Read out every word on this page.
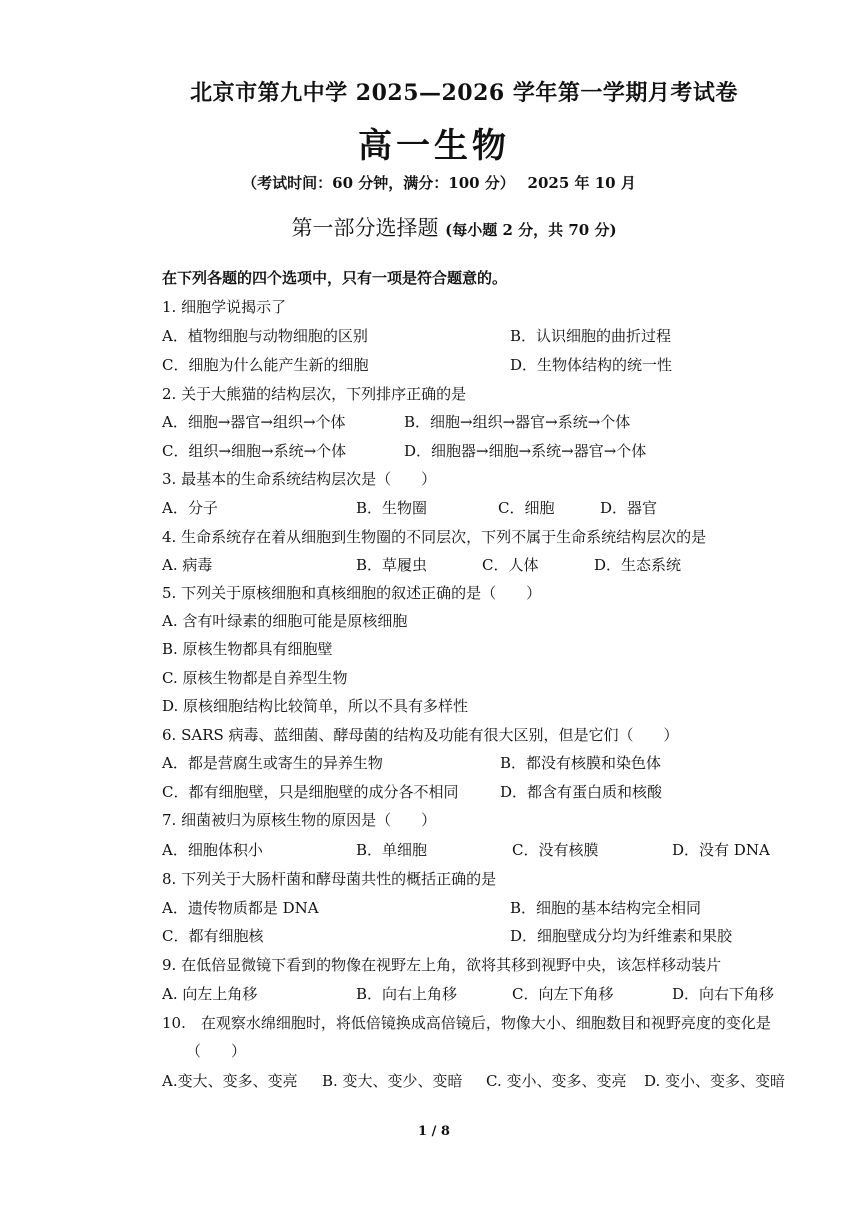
北京市第九中学 2025—2026 学年第一学期月考试卷
高一生物
（考试时间：60 分钟，满分：100 分）　 2025 年 10 月
第一部分选择题 (每小题 2 分，共 70 分)
在下列各题的四个选项中，只有一项是符合题意的。
1. 细胞学说揭示了
A．植物细胞与动物细胞的区别	B．认识细胞的曲折过程
C．细胞为什么能产生新的细胞	D．生物体结构的统一性
2. 关于大熊猫的结构层次，下列排序正确的是
A．细胞→器官→组织→个体	B．细胞→组织→器官→系统→个体
C．组织→细胞→系统→个体	D．细胞器→细胞→系统→器官→个体
3. 最基本的生命系统结构层次是（　　）
A．分子	B．生物圈	C．细胞	D．器官
4. 生命系统存在着从细胞到生物圈的不同层次，下列不属于生命系统结构层次的是
A. 病毒	B．草履虫	C．人体	D．生态系统
5. 下列关于原核细胞和真核细胞的叙述正确的是（　　）
A. 含有叶绿素的细胞可能是原核细胞
B. 原核生物都具有细胞壁
C. 原核生物都是自养型生物
D. 原核细胞结构比较简单，所以不具有多样性
6. SARS 病毒、蓝细菌、酵母菌的结构及功能有很大区别，但是它们（　　）
A．都是营腐生或寄生的异养生物	B．都没有核膜和染色体
C．都有细胞壁，只是细胞壁的成分各不相同	D．都含有蛋白质和核酸
7. 细菌被归为原核生物的原因是（　　）
A．细胞体积小	B．单细胞	C．没有核膜	D．没有 DNA
8. 下列关于大肠杆菌和酵母菌共性的概括正确的是
A．遗传物质都是 DNA	B．细胞的基本结构完全相同
C．都有细胞核	D．细胞壁成分均为纤维素和果胶
9. 在低倍显微镜下看到的物像在视野左上角，欲将其移到视野中央，该怎样移动装片
A. 向左上角移	B．向右上角移	C．向左下角移	D．向右下角移
10.　在观察水绵细胞时，将低倍镜换成高倍镜后，物像大小、细胞数目和视野亮度的变化是
（　　）
A.变大、变多、变亮 B. 变大、变少、变暗 C. 变小、变多、变亮 D. 变小、变多、变暗
1 / 8
